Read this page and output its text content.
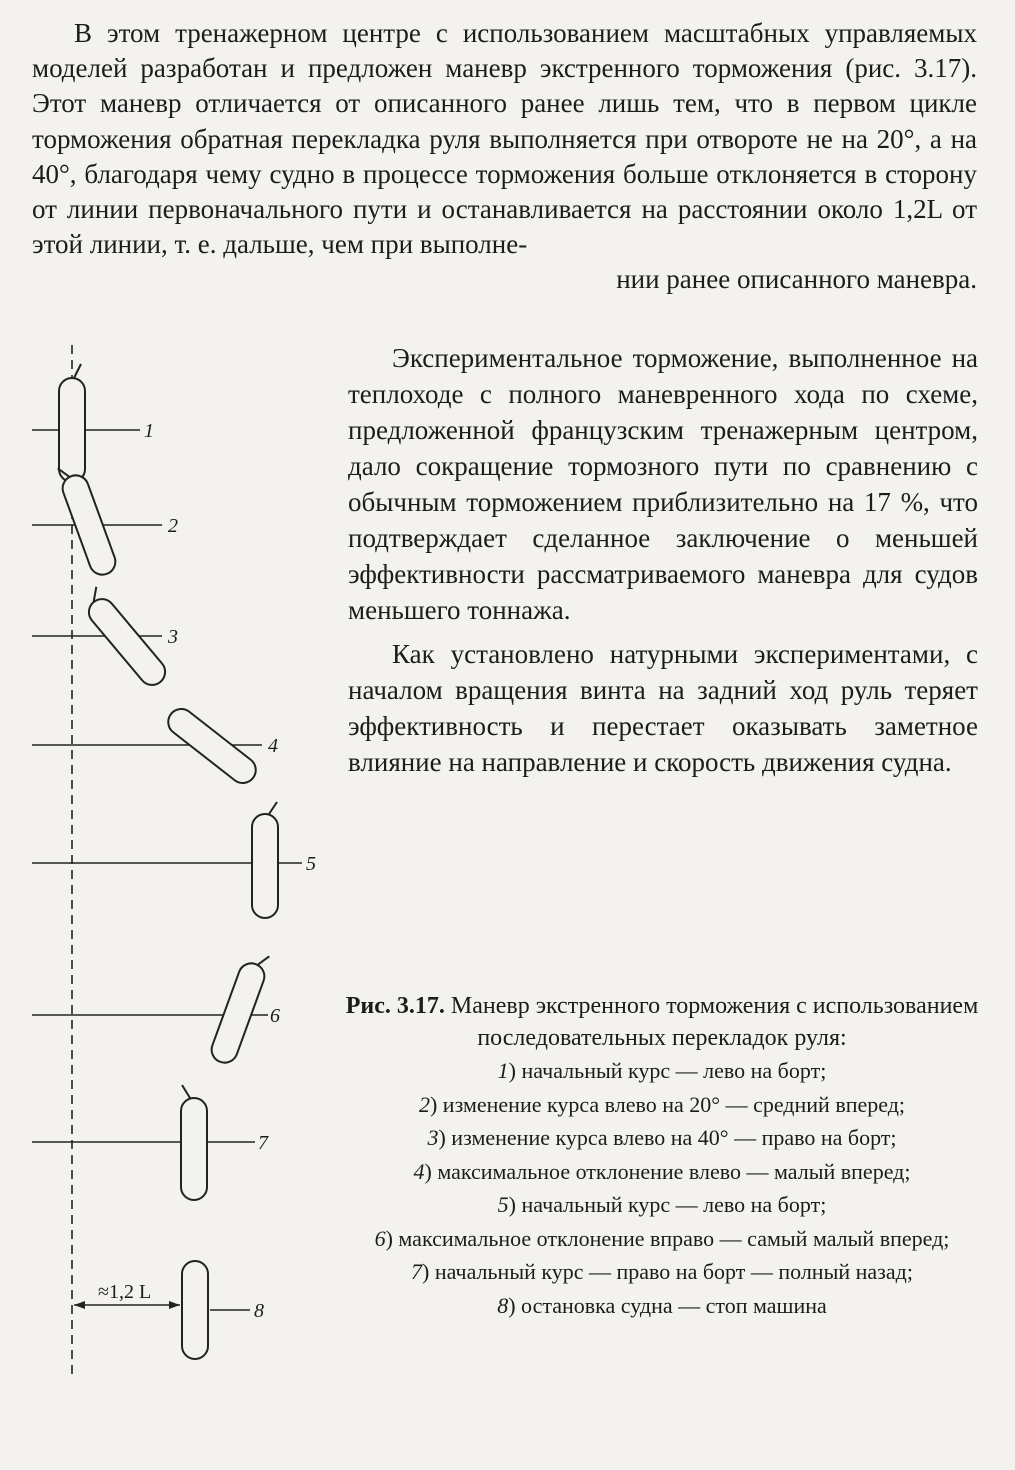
В этом тренажерном центре с использованием масштабных управляемых моделей разработан и предложен маневр экстренного торможения (рис. 3.17). Этот маневр отличается от описанного ранее лишь тем, что в первом цикле торможения обратная перекладка руля выполняется при отвороте не на 20°, а на 40°, благодаря чему судно в процессе торможения больше отклоняется в сторону от линии первоначального пути и останавливается на расстоянии около 1,2L от этой линии, т. е. дальше, чем при выполне-
нии ранее описанного маневра.

Экспериментальное торможение, выполненное на теплоходе с полного маневренного хода по схеме, предложенной французским тренажерным центром, дало сокращение тормозного пути по сравнению с обычным торможением приблизительно на 17 %, что подтверждает сделанное заключение о меньшей эффективности рассматриваемого маневра для судов меньшего тоннажа.

Как установлено натурными экспериментами, с началом вращения винта на задний ход руль теряет эффективность и перестает оказывать заметное влияние на направление и скорость движения судна.

1
2
3
4
5
6
7
8
≈1,2 L
Рис. 3.17. Маневр экстренного торможения с использованием последовательных перекладок руля:
1) начальный курс — лево на борт;
2) изменение курса влево на 20° — средний вперед;
3) изменение курса влево на 40° — право на борт;
4) максимальное отклонение влево — малый вперед;
5) начальный курс — лево на борт;
6) максимальное отклонение вправо — самый малый вперед;
7) начальный курс — право на борт — полный назад;
8) остановка судна — стоп машина
